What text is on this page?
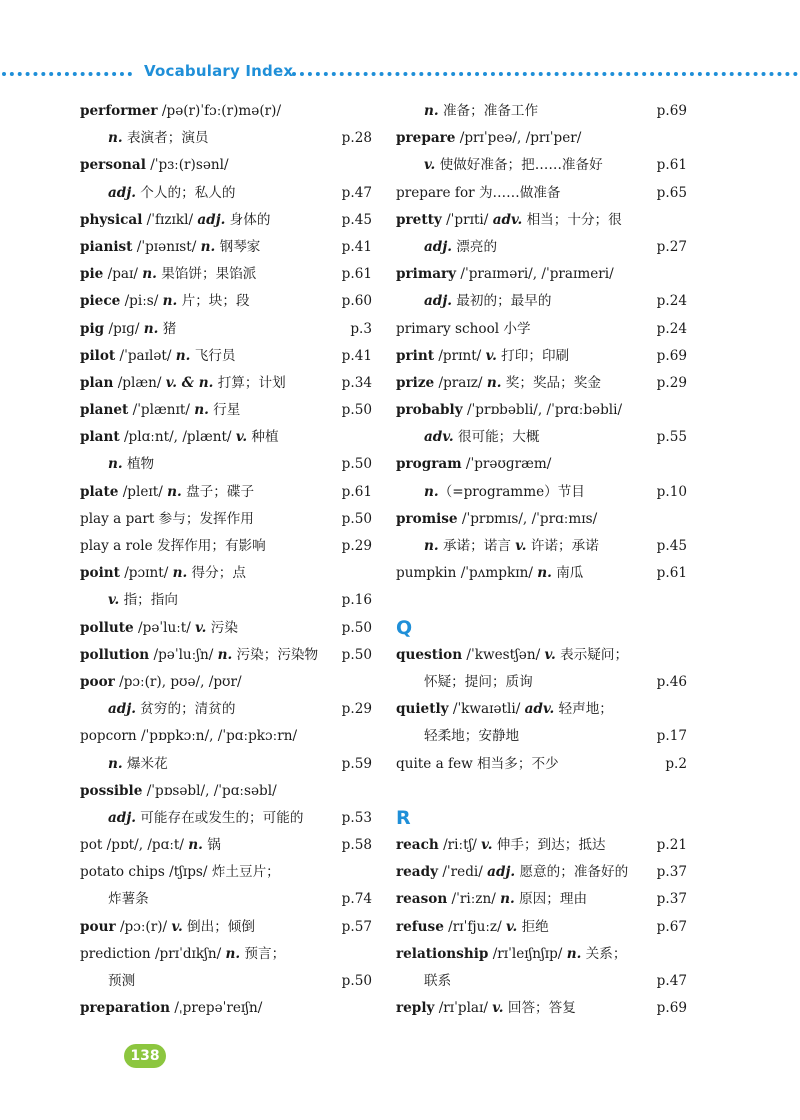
Vocabulary Index
performer /pə(r)ˈfɔː(r)mə(r)/
n. 表演者；演员	p.28
personal /ˈpɜː(r)sənl/
adj. 个人的；私人的	p.47
physical /ˈfɪzɪkl/ adj. 身体的	p.45
pianist /ˈpɪənɪst/ n. 钢琴家	p.41
pie /paɪ/ n. 果馅饼；果馅派	p.61
piece /piːs/ n. 片；块；段	p.60
pig /pɪɡ/ n. 猪	p.3
pilot /ˈpaɪlət/ n. 飞行员	p.41
plan /plæn/ v. & n. 打算；计划	p.34
planet /ˈplænɪt/ n. 行星	p.50
plant /plɑːnt/, /plænt/ v. 种植
n. 植物	p.50
plate /pleɪt/ n. 盘子；碟子	p.61
play a part 参与；发挥作用	p.50
play a role 发挥作用；有影响	p.29
point /pɔɪnt/ n. 得分；点
v. 指；指向	p.16
pollute /pəˈluːt/ v. 污染	p.50
pollution /pəˈluːʃn/ n. 污染；污染物 p.50
poor /pɔː(r), pʊə/, /pʊr/
adj. 贫穷的；清贫的	p.29
popcorn /ˈpɒpkɔːn/, /ˈpɑːpkɔːrn/
n. 爆米花	p.59
possible /ˈpɒsəbl/, /ˈpɑːsəbl/
adj. 可能存在或发生的；可能的	p.53
pot /pɒt/, /pɑːt/ n. 锅	p.58
potato chips /tʃɪps/ 炸土豆片；
炸薯条	p.74
pour /pɔː(r)/ v. 倒出；倾倒	p.57
prediction /prɪˈdɪkʃn/ n. 预言；
预测	p.50
preparation /ˌprepəˈreɪʃn/
n. 准备；准备工作	p.69
prepare /prɪˈpeə/, /prɪˈper/
v. 使做好准备；把……准备好	p.61
prepare for 为……做准备	p.65
pretty /ˈprɪti/ adv. 相当；十分；很
adj. 漂亮的	p.27
primary /ˈpraɪməri/, /ˈpraɪmeri/
adj. 最初的；最早的	p.24
primary school 小学	p.24
print /prɪnt/ v. 打印；印刷	p.69
prize /praɪz/ n. 奖；奖品；奖金	p.29
probably /ˈprɒbəbli/, /ˈprɑːbəbli/
adv. 很可能；大概	p.55
program /ˈprəʊɡræm/
n.（=programme）节目	p.10
promise /ˈprɒmɪs/, /ˈprɑːmɪs/
n. 承诺；诺言 v. 许诺；承诺	p.45
pumpkin /ˈpʌmpkɪn/ n. 南瓜	p.61
Q
question /ˈkwestʃən/ v. 表示疑问；
怀疑；提问；质询	p.46
quietly /ˈkwaɪətli/ adv. 轻声地；
轻柔地；安静地	p.17
quite a few 相当多；不少	p.2
R
reach /riːtʃ/ v. 伸手；到达；抵达	p.21
ready /ˈredi/ adj. 愿意的；准备好的 p.37
reason /ˈriːzn/ n. 原因；理由	p.37
refuse /rɪˈfjuːz/ v. 拒绝	p.67
relationship /rɪˈleɪʃnʃɪp/ n. 关系；
联系	p.47
reply /rɪˈplaɪ/ v. 回答；答复	p.69
138
